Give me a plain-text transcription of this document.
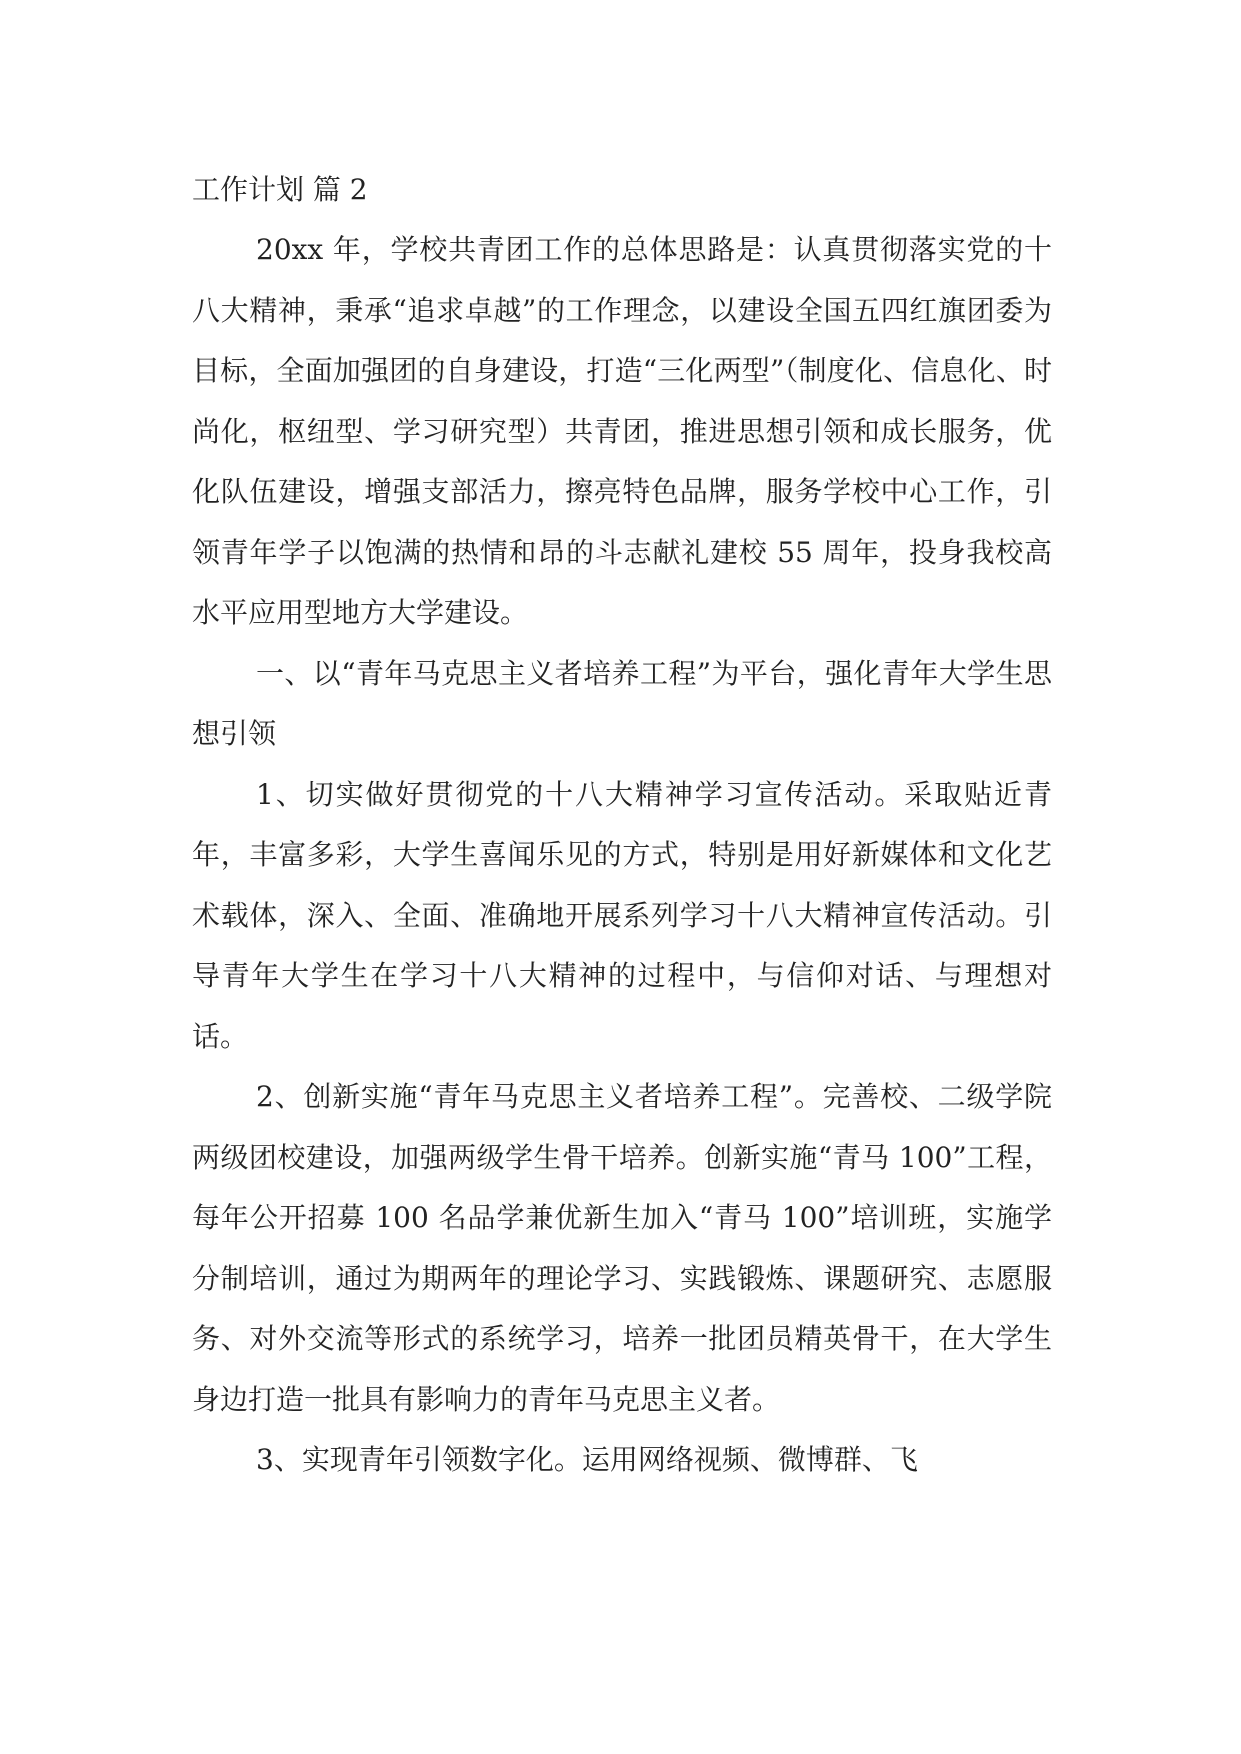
工作计划 篇 2

20xx 年，学校共青团工作的总体思路是：认真贯彻落实党的十八大精神，秉承“追求卓越”的工作理念，以建设全国五四红旗团委为目标，全面加强团的自身建设，打造“三化两型”（制度化、信息化、时尚化，枢纽型、学习研究型）共青团，推进思想引领和成长服务，优化队伍建设，增强支部活力，擦亮特色品牌，服务学校中心工作，引领青年学子以饱满的热情和昂的斗志献礼建校 55 周年，投身我校高水平应用型地方大学建设。

一、以“青年马克思主义者培养工程”为平台，强化青年大学生思想引领

1、切实做好贯彻党的十八大精神学习宣传活动。采取贴近青年，丰富多彩，大学生喜闻乐见的方式，特别是用好新媒体和文化艺术载体，深入、全面、准确地开展系列学习十八大精神宣传活动。引导青年大学生在学习十八大精神的过程中，与信仰对话、与理想对话。

2、创新实施“青年马克思主义者培养工程”。完善校、二级学院两级团校建设，加强两级学生骨干培养。创新实施“青马 100”工程，每年公开招募 100 名品学兼优新生加入“青马 100”培训班，实施学分制培训，通过为期两年的理论学习、实践锻炼、课题研究、志愿服务、对外交流等形式的系统学习，培养一批团员精英骨干，在大学生身边打造一批具有影响力的青年马克思主义者。

3、实现青年引领数字化。运用网络视频、微博群、飞
